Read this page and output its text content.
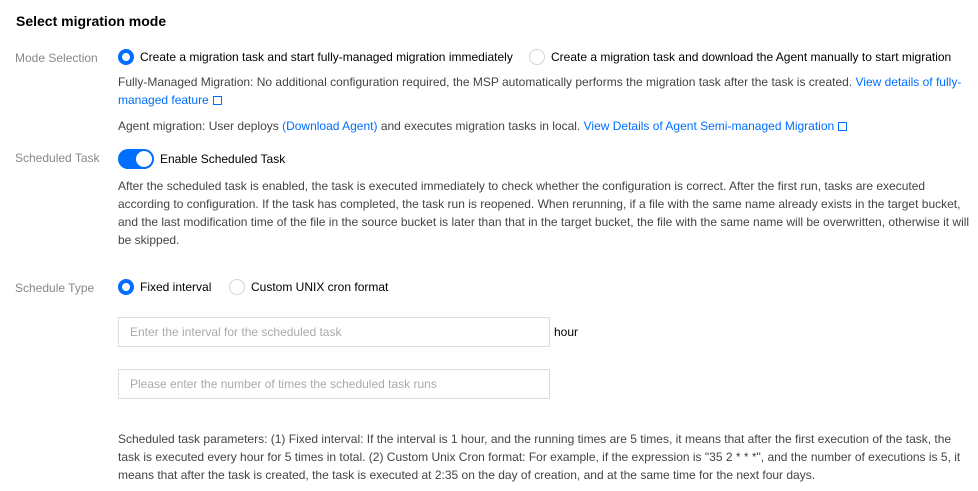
Select migration mode
Mode Selection	Create a migration task and start fully-managed migration immediately	Create a migration task and download the Agent manually to start migration
Fully-Managed Migration: No additional configuration required, the MSP automatically performs the migration task after the task is created. View details of fully-
managed feature
Agent migration: User deploys (Download Agent) and executes migration tasks in local. View Details of Agent Semi-managed Migration
Scheduled Task	Enable Scheduled Task
After the scheduled task is enabled, the task is executed immediately to check whether the configuration is correct. After the first run, tasks are executed
according to configuration. If the task has completed, the task run is reopened. When rerunning, if a file with the same name already exists in the target bucket,
and the last modification time of the file in the source bucket is later than that in the target bucket, the file with the same name will be overwritten, otherwise it will
be skipped.
Schedule Type	Fixed interval	Custom UNIX cron format
Enter the interval for the scheduled task
hour
Please enter the number of times the scheduled task runs
Scheduled task parameters: (1) Fixed interval: If the interval is 1 hour, and the running times are 5 times, it means that after the first execution of the task, the
task is executed every hour for 5 times in total. (2) Custom Unix Cron format: For example, if the expression is "35 2 * * *", and the number of executions is 5, it
means that after the task is created, the task is executed at 2:35 on the day of creation, and at the same time for the next four days.
